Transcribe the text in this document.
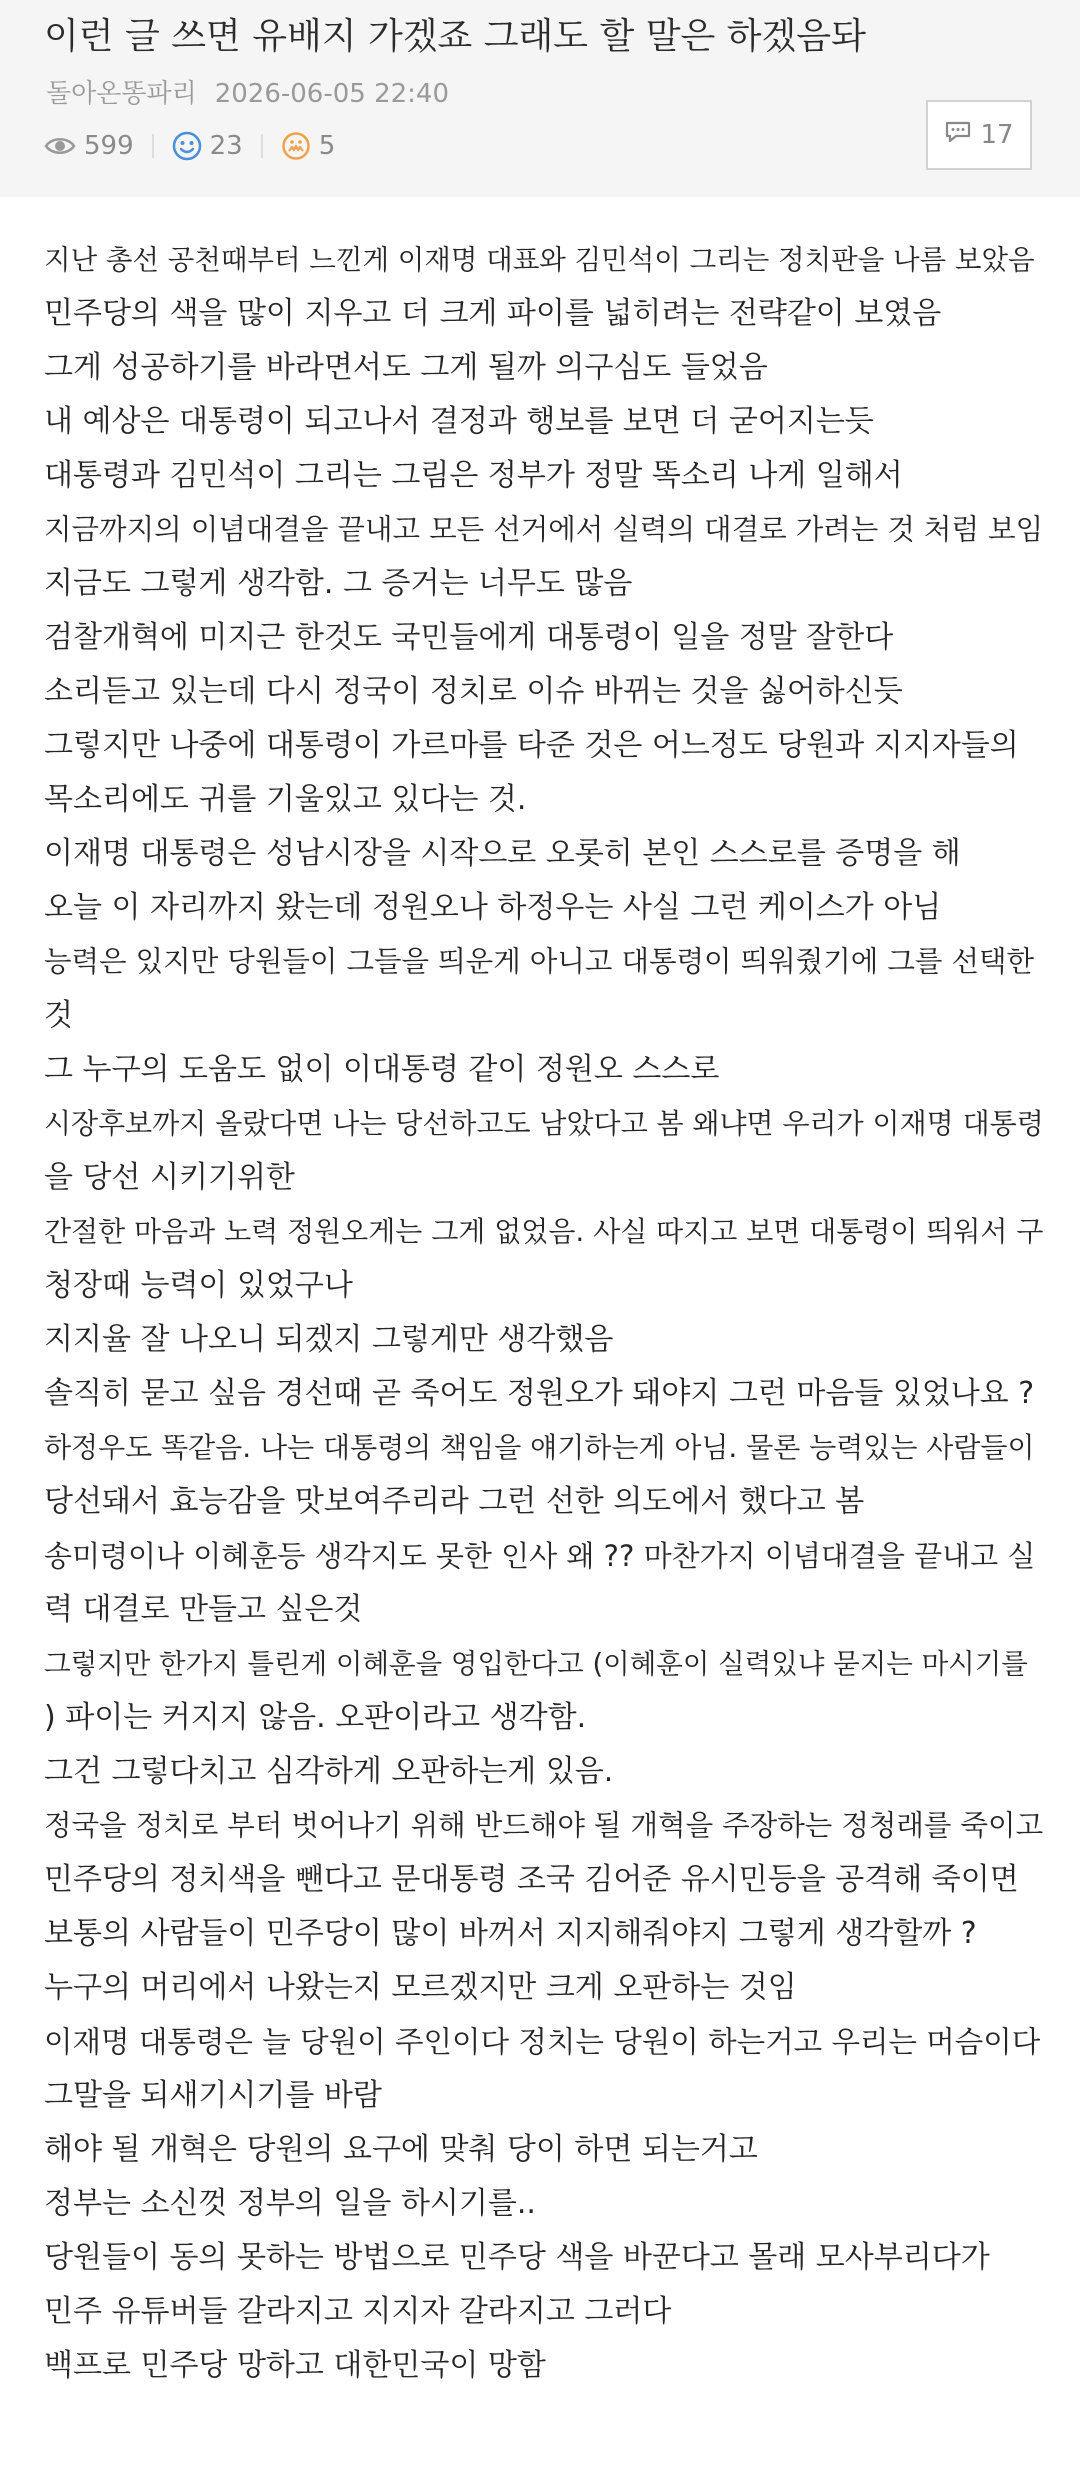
이런 글 쓰면 유배지 가겠죠 그래도 할 말은 하겠음돠
돌아온똥파리 2026-06-05 22:40
599	23	5	17
지난 총선 공천때부터 느낀게 이재명 대표와 김민석이 그리는 정치판을 나름 보았음
민주당의 색을 많이 지우고 더 크게 파이를 넓히려는 전략같이 보였음
그게 성공하기를 바라면서도 그게 될까 의구심도 들었음
내 예상은 대통령이 되고나서 결정과 행보를 보면 더 굳어지는듯
대통령과 김민석이 그리는 그림은 정부가 정말 똑소리 나게 일해서
지금까지의 이념대결을 끝내고 모든 선거에서 실력의 대결로 가려는 것 처럼 보임
지금도 그렇게 생각함. 그 증거는 너무도 많음
검찰개혁에 미지근 한것도 국민들에게 대통령이 일을 정말 잘한다
소리듣고 있는데 다시 정국이 정치로 이슈 바뀌는 것을 싫어하신듯
그렇지만 나중에 대통령이 가르마를 타준 것은 어느정도 당원과 지지자들의
목소리에도 귀를 기울있고 있다는 것.
이재명 대통령은 성남시장을 시작으로 오롯히 본인 스스로를 증명을 해
오늘 이 자리까지 왔는데 정원오나 하정우는 사실 그런 케이스가 아님
능력은 있지만 당원들이 그들을 띄운게 아니고 대통령이 띄워줬기에 그를 선택한
것
그 누구의 도움도 없이 이대통령 같이 정원오 스스로
시장후보까지 올랐다면 나는 당선하고도 남았다고 봄 왜냐면 우리가 이재명 대통령
을 당선 시키기위한
간절한 마음과 노력 정원오게는 그게 없었음. 사실 따지고 보면 대통령이 띄워서 구
청장때 능력이 있었구나
지지율 잘 나오니 되겠지 그렇게만 생각했음
솔직히 묻고 싶음 경선때 곧 죽어도 정원오가 돼야지 그런 마음들 있었나요 ?
하정우도 똑같음. 나는 대통령의 책임을 얘기하는게 아님. 물론 능력있는 사람들이
당선돼서 효능감을 맛보여주리라 그런 선한 의도에서 했다고 봄
송미령이나 이혜훈등 생각지도 못한 인사 왜 ?? 마찬가지 이념대결을 끝내고 실
력 대결로 만들고 싶은것
그렇지만 한가지 틀린게 이혜훈을 영입한다고 (이혜훈이 실력있냐 묻지는 마시기를
) 파이는 커지지 않음. 오판이라고 생각함.
그건 그렇다치고 심각하게 오판하는게 있음.
정국을 정치로 부터 벗어나기 위해 반드해야 될 개혁을 주장하는 정청래를 죽이고
민주당의 정치색을 뺀다고 문대통령 조국 김어준 유시민등을 공격해 죽이면
보통의 사람들이 민주당이 많이 바꺼서 지지해줘야지 그렇게 생각할까 ?
누구의 머리에서 나왔는지 모르겠지만 크게 오판하는 것임
이재명 대통령은 늘 당원이 주인이다 정치는 당원이 하는거고 우리는 머슴이다
그말을 되새기시기를 바람
해야 될 개혁은 당원의 요구에 맞춰 당이 하면 되는거고
정부는 소신껏 정부의 일을 하시기를..
당원들이 동의 못하는 방법으로 민주당 색을 바꾼다고 몰래 모사부리다가
민주 유튜버들 갈라지고 지지자 갈라지고 그러다
백프로 민주당 망하고 대한민국이 망함
